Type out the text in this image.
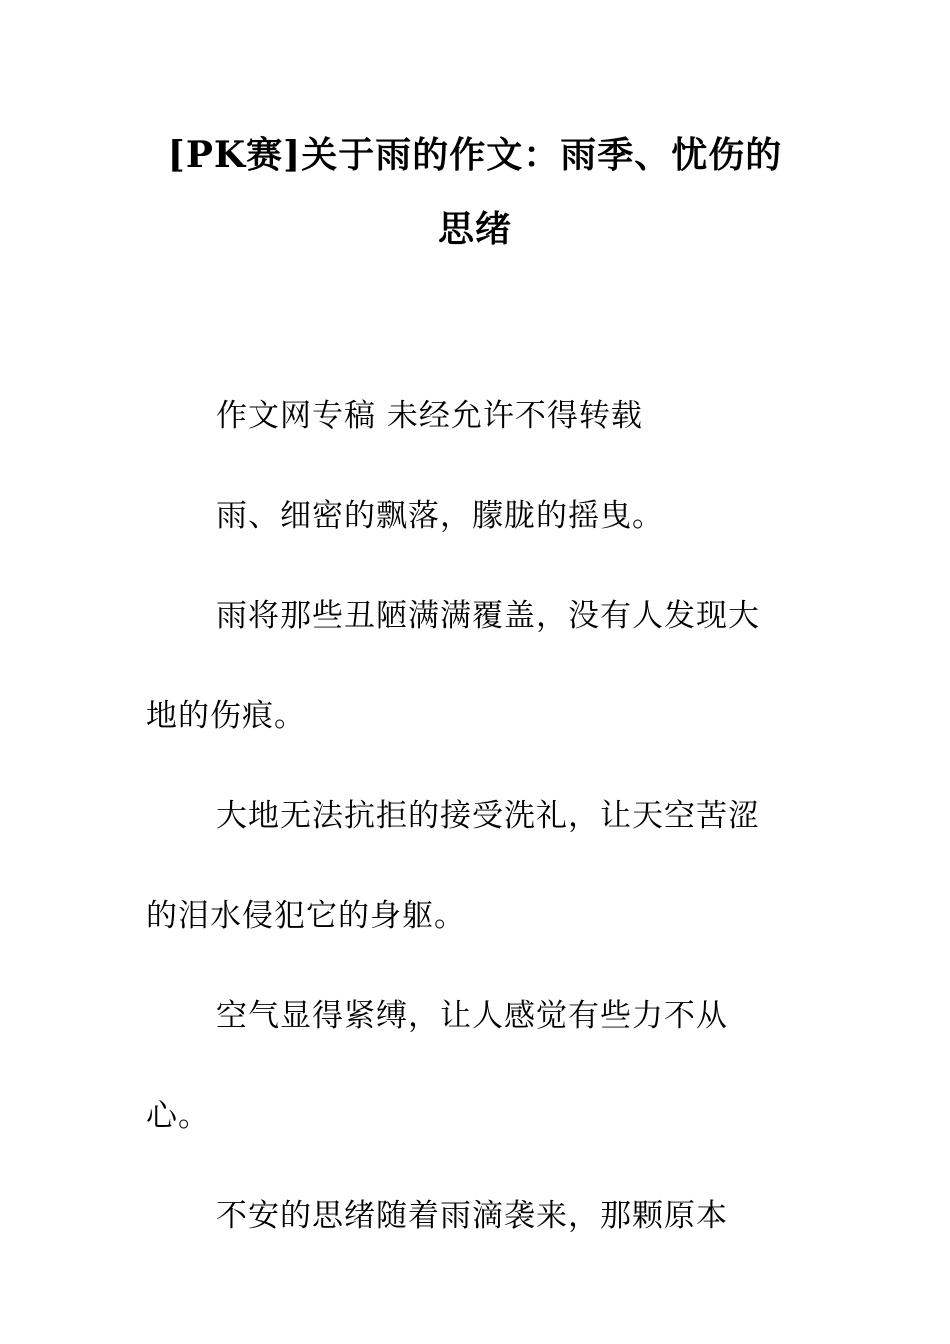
[PK赛]关于雨的作文：雨季、忧伤的思绪

作文网专稿 未经允许不得转载

雨、细密的飘落，朦胧的摇曳。

雨将那些丑陋满满覆盖，没有人发现大地的伤痕。

大地无法抗拒的接受洗礼，让天空苦涩的泪水侵犯它的身躯。

空气显得紧缚，让人感觉有些力不从心。

不安的思绪随着雨滴袭来，那颗原本
